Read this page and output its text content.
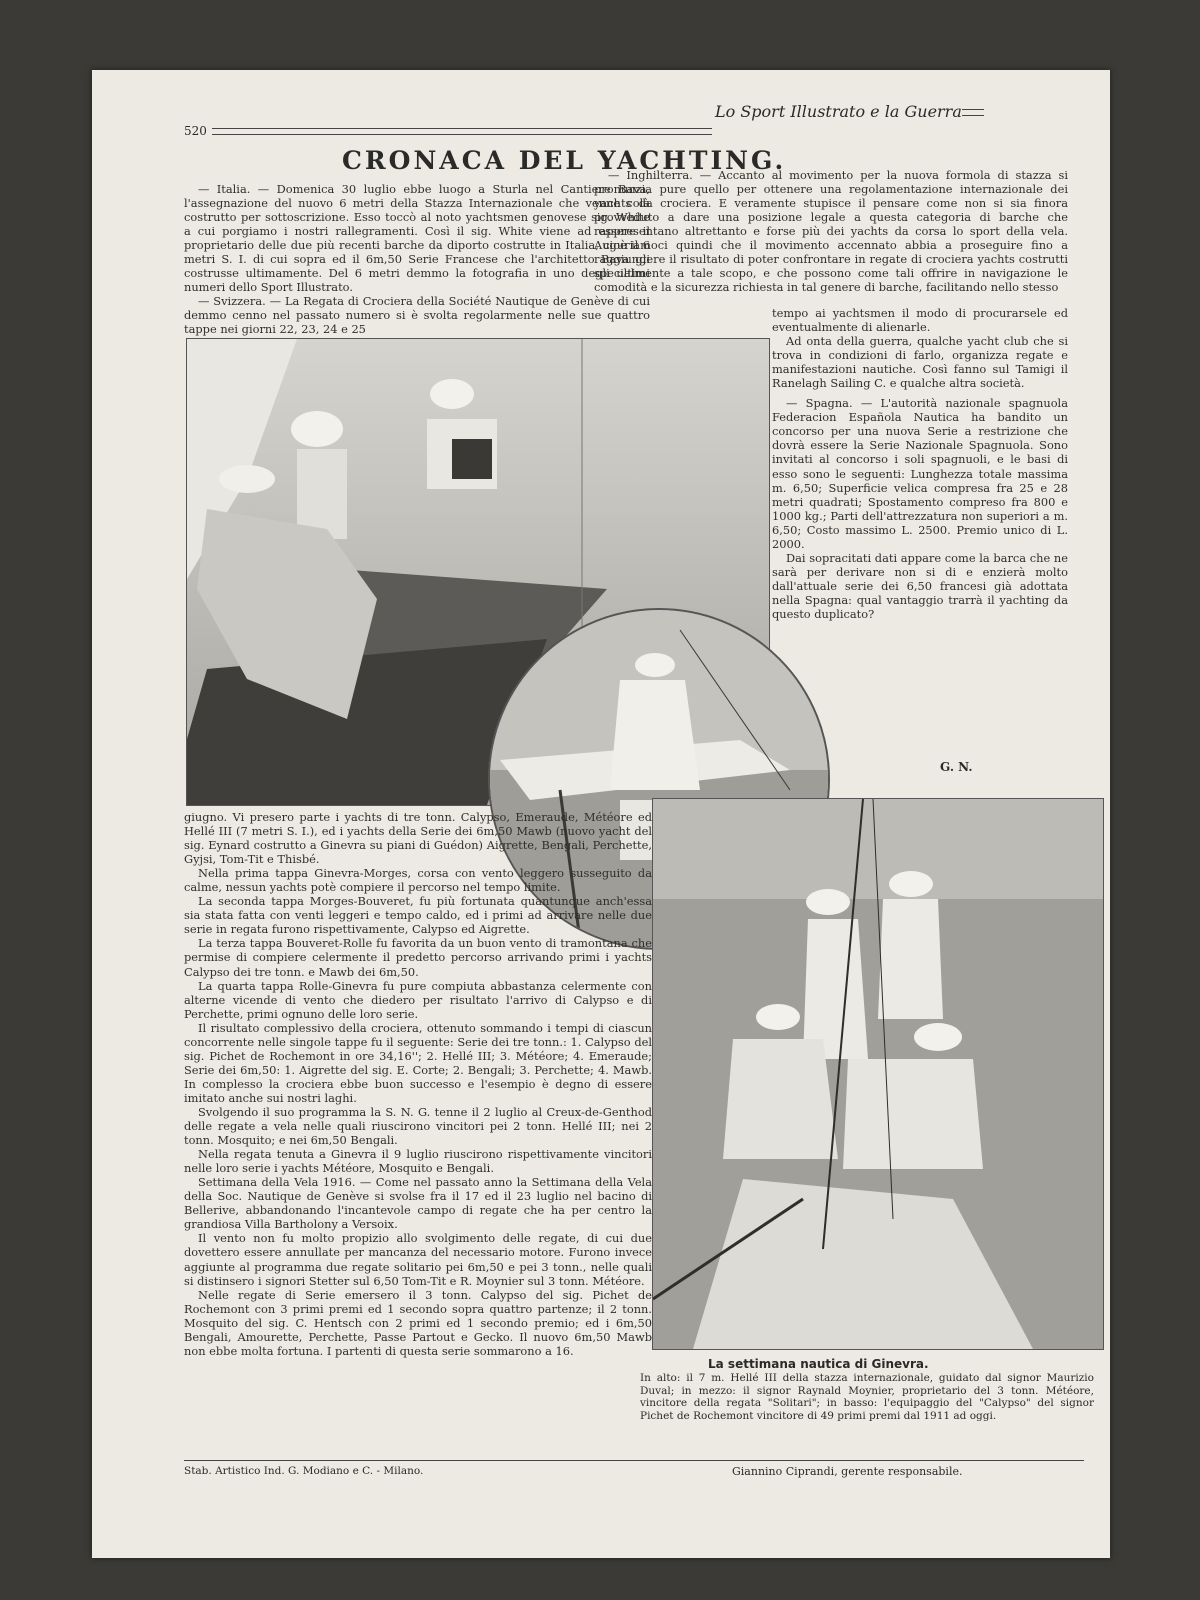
520
Lo Sport Illustrato e la Guerra
CRONACA DEL YACHTING.

— Italia. — Domenica 30 luglio ebbe luogo a Sturla nel Cantiere Bava, l'assegnazione del nuovo 6 metri della Stazza Internazionale che venne colà costrutto per sottoscrizione. Esso toccò al noto yachtsmen genovese sig. White a cui porgiamo i nostri rallegramenti. Così il sig. White viene ad essere il proprietario delle due più recenti barche da diporto costrutte in Italia, cioè il 6 metri S. I. di cui sopra ed il 6m,50 Serie Francese che l'architetto Bava gli costrusse ultimamente. Del 6 metri demmo la fotografia in uno degli ultimi numeri dello Sport Illustrato.

— Svizzera. — La Regata di Crociera della Société Nautique de Genève di cui demmo cenno nel passato numero si è svolta regolarmente nelle sue quattro tappe nei giorni 22, 23, 24 e 25

— Inghilterra. — Accanto al movimento per la nuova formola di stazza si pronunzia pure quello per ottenere una regolamentazione internazionale dei yachts da crociera. E veramente stupisce il pensare come non si sia finora provveduto a dare una posizione legale a questa categoria di barche che rappresentano altrettanto e forse più dei yachts da corsa lo sport della vela. Auguriamoci quindi che il movimento accennato abbia a proseguire fino a raggiungere il risultato di poter confrontare in regate di crociera yachts costrutti specialmente a tale scopo, e che possono come tali offrire in navigazione le comodità e la sicurezza richiesta in tal genere di barche, facilitando nello stesso

tempo ai yachtsmen il modo di procurarsele ed eventualmente di alienarle.

Ad onta della guerra, qualche yacht club che si trova in condizioni di farlo, organizza regate e manifestazioni nautiche. Così fanno sul Tamigi il Ranelagh Sailing C. e qualche altra società.

— Spagna. — L'autorità nazionale spagnuola Federacion Española Nautica ha bandito un concorso per una nuova Serie a restrizione che dovrà essere la Serie Nazionale Spagnuola. Sono invitati al concorso i soli spagnuoli, e le basi di esso sono le seguenti: Lunghezza totale massima m. 6,50; Superficie velica compresa fra 25 e 28 metri quadrati; Spostamento compreso fra 800 e 1000 kg.; Parti dell'attrezzatura non superiori a m. 6,50; Costo massimo L. 2500. Premio unico di L. 2000.

Dai sopracitati dati appare come la barca che ne sarà per derivare non si di e enzierà molto dall'attuale serie dei 6,50 francesi già adottata nella Spagna: qual vantaggio trarrà il yachting da questo duplicato?

G. N.

giugno. Vi presero parte i yachts di tre tonn. Calypso, Emeraude, Météore ed Hellé III (7 metri S. I.), ed i yachts della Serie dei 6m,50 Mawb (nuovo yacht del sig. Eynard costrutto a Ginevra su piani di Guédon) Aigrette, Bengali, Perchette, Gyjsi, Tom-Tit e Thisbé.

Nella prima tappa Ginevra-Morges, corsa con vento leggero susseguito da calme, nessun yachts potè compiere il percorso nel tempo limite.

La seconda tappa Morges-Bouveret, fu più fortunata quantunque anch'essa sia stata fatta con venti leggeri e tempo caldo, ed i primi ad arrivare nelle due serie in regata furono rispettivamente, Calypso ed Aigrette.

La terza tappa Bouveret-Rolle fu favorita da un buon vento di tramontana che permise di compiere celermente il predetto percorso arrivando primi i yachts Calypso dei tre tonn. e Mawb dei 6m,50.

La quarta tappa Rolle-Ginevra fu pure compiuta abbastanza celermente con alterne vicende di vento che diedero per risultato l'arrivo di Calypso e di Perchette, primi ognuno delle loro serie.

Il risultato complessivo della crociera, ottenuto sommando i tempi di ciascun concorrente nelle singole tappe fu il seguente: Serie dei tre tonn.: 1. Calypso del sig. Pichet de Rochemont in ore 34,16''; 2. Hellé III; 3. Météore; 4. Emeraude; Serie dei 6m,50: 1. Aigrette del sig. E. Corte; 2. Bengali; 3. Perchette; 4. Mawb. In complesso la crociera ebbe buon successo e l'esempio è degno di essere imitato anche sui nostri laghi.

Svolgendo il suo programma la S. N. G. tenne il 2 luglio al Creux-de-Genthod delle regate a vela nelle quali riuscirono vincitori pei 2 tonn. Hellé III; nei 2 tonn. Mosquito; e nei 6m,50 Bengali.

Nella regata tenuta a Ginevra il 9 luglio riuscirono rispettivamente vincitori nelle loro serie i yachts Météore, Mosquito e Bengali.

Settimana della Vela 1916. — Come nel passato anno la Settimana della Vela della Soc. Nautique de Genève si svolse fra il 17 ed il 23 luglio nel bacino di Bellerive, abbandonando l'incantevole campo di regate che ha per centro la grandiosa Villa Bartholony a Versoix.

Il vento non fu molto propizio allo svolgimento delle regate, di cui due dovettero essere annullate per mancanza del necessario motore. Furono invece aggiunte al programma due regate solitario pei 6m,50 e pei 3 tonn., nelle quali si distinsero i signori Stetter sul 6,50 Tom-Tit e R. Moynier sul 3 tonn. Météore.

Nelle regate di Serie emersero il 3 tonn. Calypso del sig. Pichet de Rochemont con 3 primi premi ed 1 secondo sopra quattro partenze; il 2 tonn. Mosquito del sig. C. Hentsch con 2 primi ed 1 secondo premio; ed i 6m,50 Bengali, Amourette, Perchette, Passe Partout e Gecko. Il nuovo 6m,50 Mawb non ebbe molta fortuna. I partenti di questa serie sommarono a 16.

La settimana nautica di Ginevra.
In alto: il 7 m. Hellé III della stazza internazionale, guidato dal signor Maurizio Duval; in mezzo: il signor Raynald Moynier, proprietario del 3 tonn. Météore, vincitore della regata "Solitari"; in basso: l'equipaggio del "Calypso" del signor Pichet de Rochemont vincitore di 49 primi premi dal 1911 ad oggi.
Stab. Artistico Ind. G. Modiano e C. - Milano.	Giannino Ciprandi, gerente responsabile.
